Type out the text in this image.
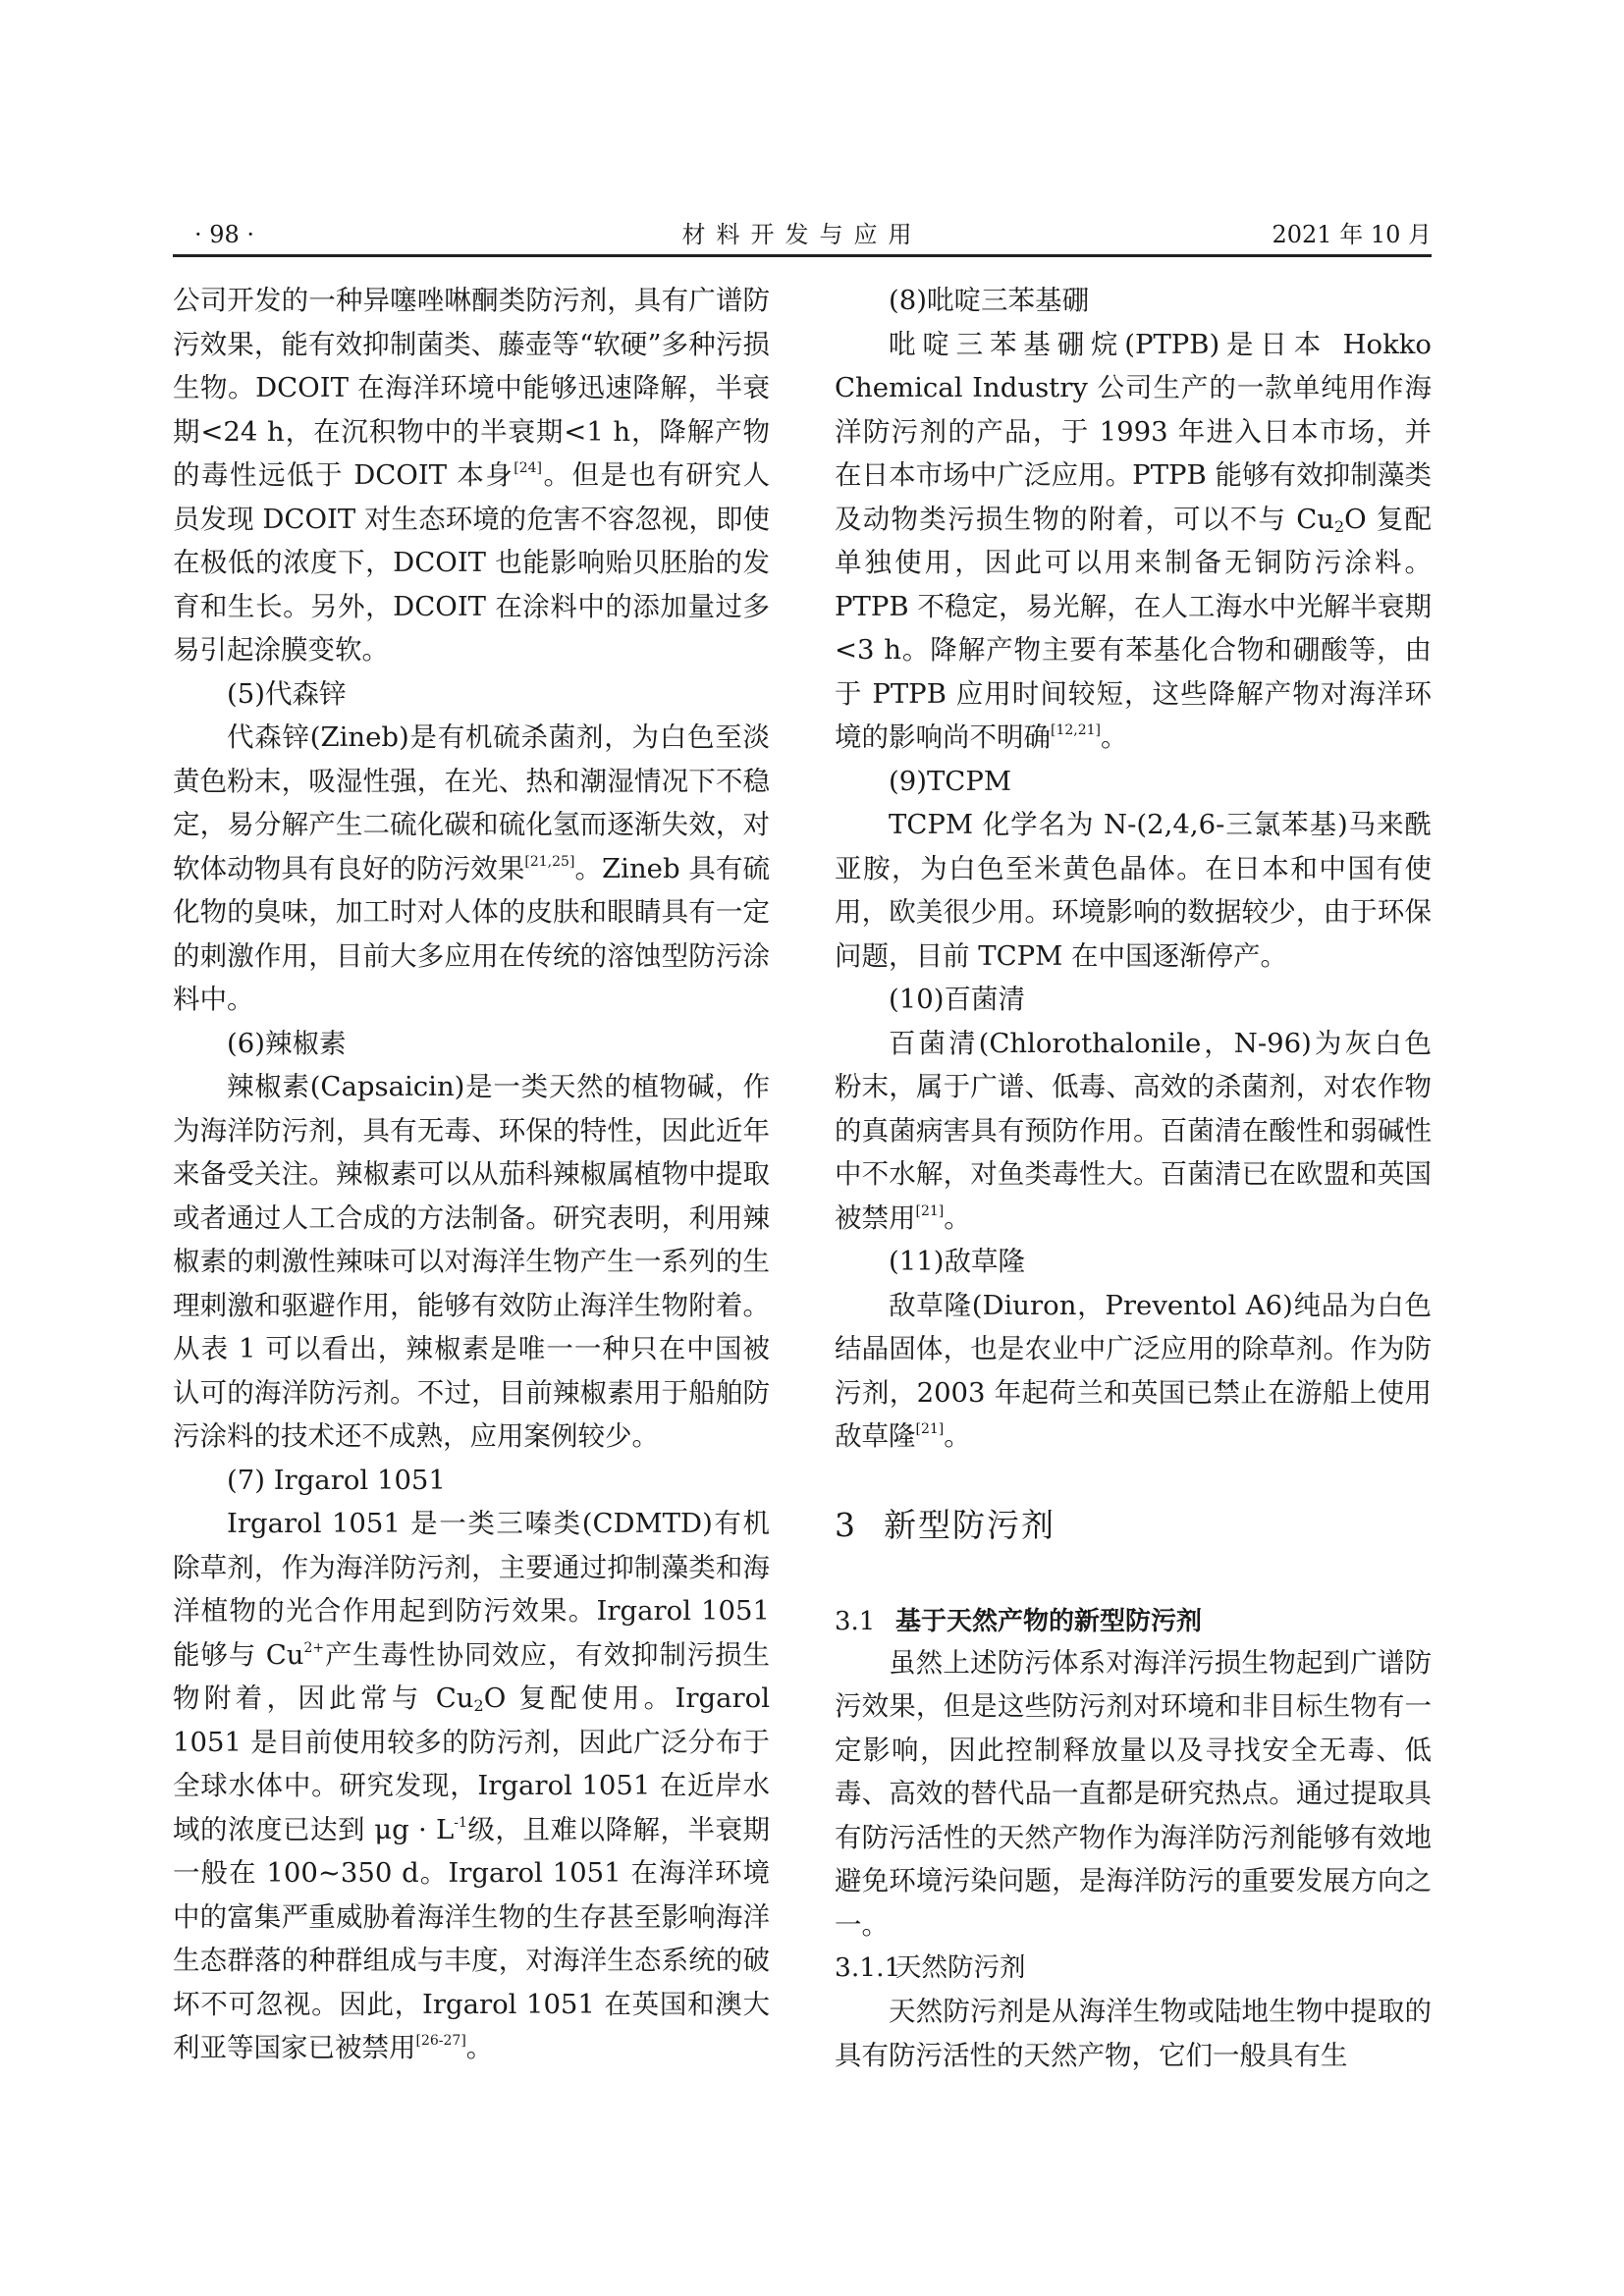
· 98 ·	材料开发与应用	2021 年 10 月

公司开发的一种异噻唑啉酮类防污剂，具有广谱防污效果，能有效抑制菌类、藤壶等“软硬”多种污损生物。DCOIT 在海洋环境中能够迅速降解，半衰期<24 h，在沉积物中的半衰期<1 h，降解产物的毒性远低于 DCOIT 本身[24]。但是也有研究人员发现 DCOIT 对生态环境的危害不容忽视，即使在极低的浓度下，DCOIT 也能影响贻贝胚胎的发育和生长。另外，DCOIT 在涂料中的添加量过多易引起涂膜变软。

(5)代森锌

代森锌(Zineb)是有机硫杀菌剂，为白色至淡黄色粉末，吸湿性强，在光、热和潮湿情况下不稳定，易分解产生二硫化碳和硫化氢而逐渐失效，对软体动物具有良好的防污效果[21,25]。Zineb 具有硫化物的臭味，加工时对人体的皮肤和眼睛具有一定的刺激作用，目前大多应用在传统的溶蚀型防污涂料中。

(6)辣椒素

辣椒素(Capsaicin)是一类天然的植物碱，作为海洋防污剂，具有无毒、环保的特性，因此近年来备受关注。辣椒素可以从茄科辣椒属植物中提取或者通过人工合成的方法制备。研究表明，利用辣椒素的刺激性辣味可以对海洋生物产生一系列的生理刺激和驱避作用，能够有效防止海洋生物附着。从表 1 可以看出，辣椒素是唯一一种只在中国被认可的海洋防污剂。不过，目前辣椒素用于船舶防污涂料的技术还不成熟，应用案例较少。

(7) Irgarol 1051

Irgarol 1051 是一类三嗪类(CDMTD)有机除草剂，作为海洋防污剂，主要通过抑制藻类和海洋植物的光合作用起到防污效果。Irgarol 1051 能够与 $Cu^{2+}$产生毒性协同效应，有效抑制污损生物附着，因此常与 $Cu_2O$ 复配使用。Irgarol 1051 是目前使用较多的防污剂，因此广泛分布于全球水体中。研究发现，Irgarol 1051 在近岸水域的浓度已达到 $\mu g \cdot L^{-1}$级，且难以降解，半衰期一般在 100~350 d。Irgarol 1051 在海洋环境中的富集严重威胁着海洋生物的生存甚至影响海洋生态群落的种群组成与丰度，对海洋生态系统的破坏不可忽视。因此，Irgarol 1051 在英国和澳大利亚等国家已被禁用[26-27]。

(8)吡啶三苯基硼

吡啶三苯基硼烷(PTPB)是日本 Hokko Chemical Industry 公司生产的一款单纯用作海洋防污剂的产品，于 1993 年进入日本市场，并在日本市场中广泛应用。PTPB 能够有效抑制藻类及动物类污损生物的附着，可以不与 $Cu_2O$ 复配单独使用，因此可以用来制备无铜防污涂料。PTPB 不稳定，易光解，在人工海水中光解半衰期<3 h。降解产物主要有苯基化合物和硼酸等，由于 PTPB 应用时间较短，这些降解产物对海洋环境的影响尚不明确[12,21]。

(9)TCPM

TCPM 化学名为 N-(2,4,6-三氯苯基)马来酰亚胺，为白色至米黄色晶体。在日本和中国有使用，欧美很少用。环境影响的数据较少，由于环保问题，目前 TCPM 在中国逐渐停产。

(10)百菌清

百菌清(Chlorothalonile，N-96)为灰白色粉末，属于广谱、低毒、高效的杀菌剂，对农作物的真菌病害具有预防作用。百菌清在酸性和弱碱性中不水解，对鱼类毒性大。百菌清已在欧盟和英国被禁用[21]。

(11)敌草隆

敌草隆(Diuron，Preventol A6)纯品为白色结晶固体，也是农业中广泛应用的除草剂。作为防污剂，2003 年起荷兰和英国已禁止在游船上使用敌草隆[21]。

3 新型防污剂
3.1 基于天然产物的新型防污剂

虽然上述防污体系对海洋污损生物起到广谱防污效果，但是这些防污剂对环境和非目标生物有一定影响，因此控制释放量以及寻找安全无毒、低毒、高效的替代品一直都是研究热点。通过提取具有防污活性的天然产物作为海洋防污剂能够有效地避免环境污染问题，是海洋防污的重要发展方向之一。

3.1.1天然防污剂

天然防污剂是从海洋生物或陆地生物中提取的具有防污活性的天然产物，它们一般具有生
